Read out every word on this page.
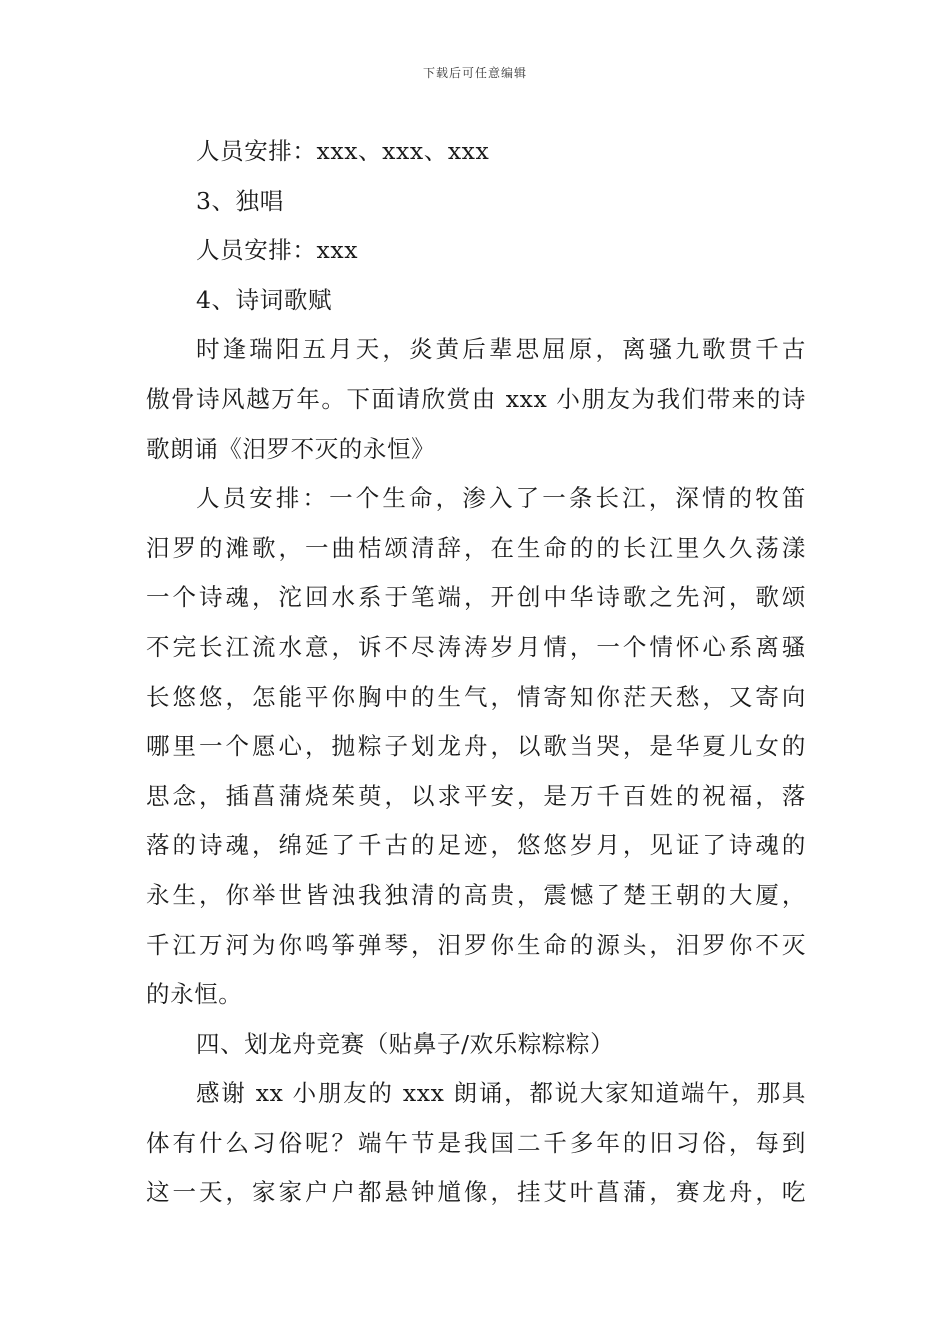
下载后可任意编辑
人员安排：xxx、xxx、xxx
3、独唱
人员安排：xxx
4、诗词歌赋
时逢瑞阳五月天，炎黄后辈思屈原，离骚九歌贯千古
傲骨诗风越万年。下面请欣赏由 xxx 小朋友为我们带来的诗
歌朗诵《汨罗不灭的永恒》
人员安排：一个生命，渗入了一条长江，深情的牧笛
汨罗的滩歌，一曲桔颂清辞，在生命的的长江里久久荡漾
一个诗魂，沱回水系于笔端，开创中华诗歌之先河，歌颂
不完长江流水意，诉不尽涛涛岁月情，一个情怀心系离骚
长悠悠，怎能平你胸中的生气，情寄知你茫天愁，又寄向
哪里一个愿心，抛粽子划龙舟，以歌当哭，是华夏儿女的
思念，插菖蒲烧茱萸，以求平安，是万千百姓的祝福，落
落的诗魂，绵延了千古的足迹，悠悠岁月，见证了诗魂的
永生，你举世皆浊我独清的高贵，震憾了楚王朝的大厦，
千江万河为你鸣筝弹琴，汨罗你生命的源头，汨罗你不灭
的永恒。
四、划龙舟竞赛（贴鼻子/欢乐粽粽粽）
感谢 xx 小朋友的 xxx 朗诵，都说大家知道端午，那具
体有什么习俗呢？端午节是我国二千多年的旧习俗，每到
这一天，家家户户都悬钟馗像，挂艾叶菖蒲，赛龙舟，吃
